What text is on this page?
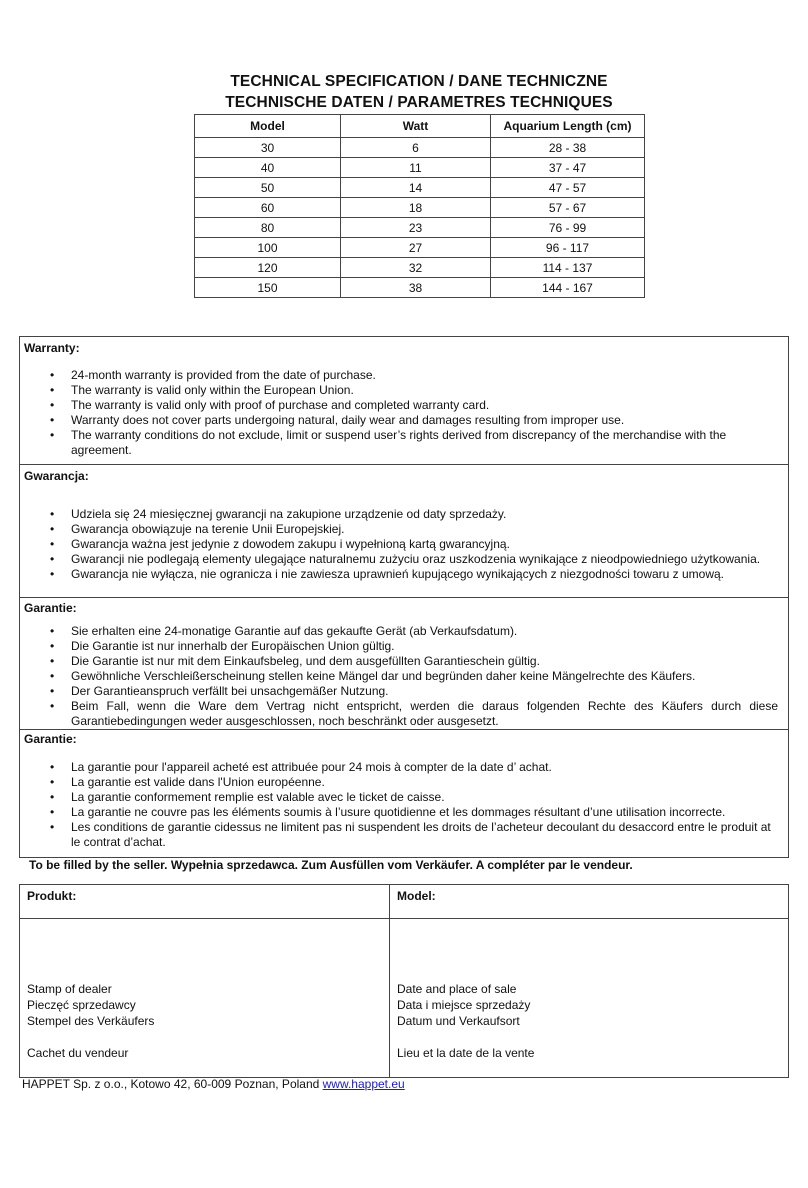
TECHNICAL SPECIFICATION / DANE TECHNICZNE
TECHNISCHE DATEN / PARAMETRES TECHNIQUES
Model	Watt	Aquarium Length (cm)
30	6	28 - 38
40	11	37 - 47
50	14	47 - 57
60	18	57 - 67
80	23	76 - 99
100	27	96 - 117
120	32	114 - 137
150	38	144 - 167
Warranty:
• 24-month warranty is provided from the date of purchase.
• The warranty is valid only within the European Union.
• The warranty is valid only with proof of purchase and completed warranty card.
• Warranty does not cover parts undergoing natural, daily wear and damages resulting from improper use.
• The warranty conditions do not exclude, limit or suspend user’s rights derived from discrepancy of the merchandise with the agreement.
Gwarancja:
• Udziela się 24 miesięcznej gwarancji na zakupione urządzenie od daty sprzedaży.
• Gwarancja obowiązuje na terenie Unii Europejskiej.
• Gwarancja ważna jest jedynie z dowodem zakupu i wypełnioną kartą gwarancyjną.
• Gwarancji nie podlegają elementy ulegające naturalnemu zużyciu oraz uszkodzenia wynikające z nieodpowiedniego użytkowania.
• Gwarancja nie wyłącza, nie ogranicza i nie zawiesza uprawnień kupującego wynikających z niezgodności towaru z umową.
Garantie:
• Sie erhalten eine 24-monatige Garantie auf das gekaufte Gerät (ab Verkaufsdatum).
• Die Garantie ist nur innerhalb der Europäischen Union gültig.
• Die Garantie ist nur mit dem Einkaufsbeleg, und dem ausgefüllten Garantieschein gültig.
• Gewöhnliche Verschleißerscheinung stellen keine Mängel dar und begründen daher keine Mängelrechte des Käufers.
• Der Garantieanspruch verfällt bei unsachgemäßer Nutzung.
• Beim Fall, wenn die Ware dem Vertrag nicht entspricht, werden die daraus folgenden Rechte des Käufers durch diese Garantiebedingungen weder ausgeschlossen, noch beschränkt oder ausgesetzt.
Garantie:
• La garantie pour l'appareil acheté est attribuée pour 24 mois à compter de la date d’ achat.
• La garantie est valide dans l'Union européenne.
• La garantie conformement remplie est valable avec le ticket de caisse.
• La garantie ne couvre pas les éléments soumis à l’usure quotidienne et les dommages résultant d’une utilisation incorrecte.
• Les conditions de garantie cidessus ne limitent pas ni suspendent les droits de l’acheteur decoulant du desaccord entre le produit at le contrat d’achat.
To be filled by the seller. Wypełnia sprzedawca. Zum Ausfüllen vom Verkäufer. A compléter par le vendeur.
Produkt:	Model:
Stamp of dealer
Pieczęć sprzedawcy
Stempel des Verkäufers
Cachet du vendeur
Date and place of sale
Data i miejsce sprzedaży
Datum und Verkaufsort
Lieu et la date de la vente
HAPPET Sp. z o.o., Kotowo 42, 60-009 Poznan, Poland www.happet.eu
